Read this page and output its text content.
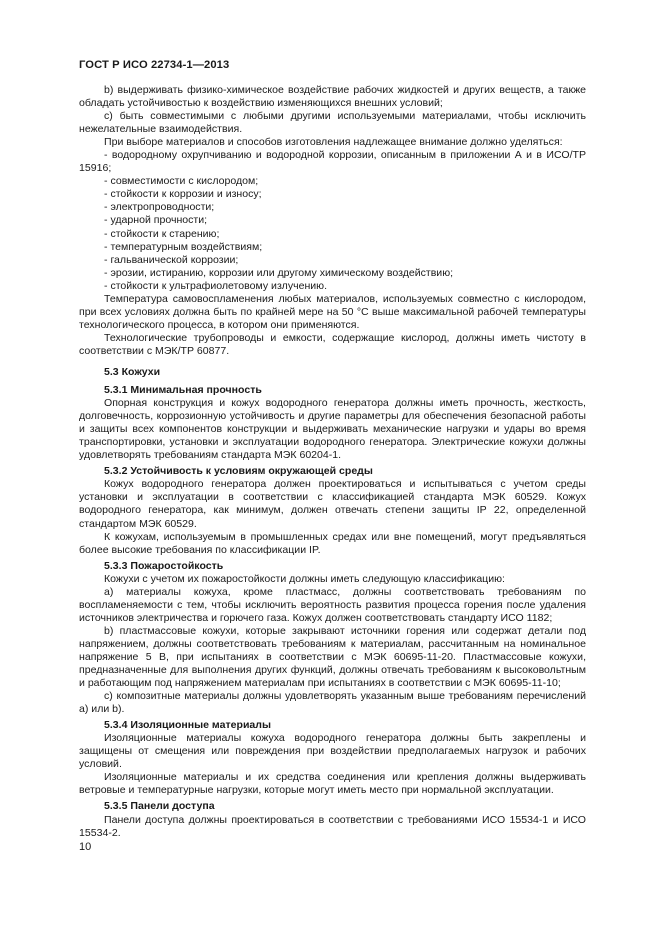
ГОСТ Р ИСО 22734-1—2013

b) выдерживать физико-химическое воздействие рабочих жидкостей и других веществ, а также обладать устойчивостью к воздействию изменяющихся внешних условий;

c) быть совместимыми с любыми другими используемыми материалами, чтобы исключить нежелательные взаимодействия.

При выборе материалов и способов изготовления надлежащее внимание должно уделяться:

- водородному охрупчиванию и водородной коррозии, описанным в приложении А и в ИСО/ТР 15916;

- совместимости с кислородом;

- стойкости к коррозии и износу;

- электропроводности;

- ударной прочности;

- стойкости к старению;

- температурным воздействиям;

- гальванической коррозии;

- эрозии, истиранию, коррозии или другому химическому воздействию;

- стойкости к ультрафиолетовому излучению.

Температура самовоспламенения любых материалов, используемых совместно с кислородом, при всех условиях должна быть по крайней мере на 50 °С выше максимальной рабочей температуры технологического процесса, в котором они применяются.

Технологические трубопроводы и емкости, содержащие кислород, должны иметь чистоту в соответствии с МЭК/ТР 60877.

5.3 Кожухи

5.3.1 Минимальная прочность

Опорная конструкция и кожух водородного генератора должны иметь прочность, жесткость, долговечность, коррозионную устойчивость и другие параметры для обеспечения безопасной работы и защиты всех компонентов конструкции и выдерживать механические нагрузки и удары во время транспортировки, установки и эксплуатации водородного генератора. Электрические кожухи должны удовлетворять требованиям стандарта МЭК 60204-1.

5.3.2 Устойчивость к условиям окружающей среды

Кожух водородного генератора должен проектироваться и испытываться с учетом среды установки и эксплуатации в соответствии с классификацией стандарта МЭК 60529. Кожух водородного генератора, как минимум, должен отвечать степени защиты IP 22, определенной стандартом МЭК 60529.

К кожухам, используемым в промышленных средах или вне помещений, могут предъявляться более высокие требования по классификации IP.

5.3.3 Пожаростойкость

Кожухи с учетом их пожаростойкости должны иметь следующую классификацию:

a) материалы кожуха, кроме пластмасс, должны соответствовать требованиям по воспламеняемости с тем, чтобы исключить вероятность развития процесса горения после удаления источников электричества и горючего газа. Кожух должен соответствовать стандарту ИСО 1182;

b) пластмассовые кожухи, которые закрывают источники горения или содержат детали под напряжением, должны соответствовать требованиям к материалам, рассчитанным на номинальное напряжение 5 В, при испытаниях в соответствии с МЭК 60695-11-20. Пластмассовые кожухи, предназначенные для выполнения других функций, должны отвечать требованиям к высоковольтным и работающим под напряжением материалам при испытаниях в соответствии с МЭК 60695-11-10;

c) композитные материалы должны удовлетворять указанным выше требованиям перечислений а) или b).

5.3.4 Изоляционные материалы

Изоляционные материалы кожуха водородного генератора должны быть закреплены и защищены от смещения или повреждения при воздействии предполагаемых нагрузок и рабочих условий.

Изоляционные материалы и их средства соединения или крепления должны выдерживать ветровые и температурные нагрузки, которые могут иметь место при нормальной эксплуатации.

5.3.5 Панели доступа

Панели доступа должны проектироваться в соответствии с требованиями ИСО 15534-1 и ИСО 15534-2.

10
